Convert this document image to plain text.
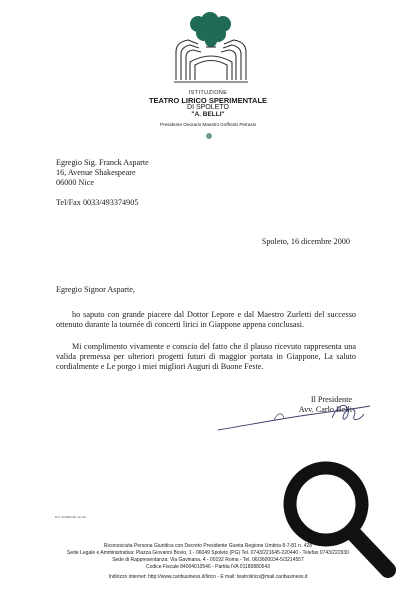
ISTITUZIONE
TEATRO LIRICO SPERIMENTALE
DI SPOLETO
"A. BELLI"
Presidente Onorario Maestro Goffredo Petrassi
Egregio Sig. Franck Asparte
16, Avenue Shakespeare
06000 Nice
Tel/Fax 0033/493374905
Spoleto, 16 dicembre 2000
Egregio Signor Asparte,

ho saputo con grande piacere dal Dottor Lepore e dal Maestro Zurletti del successo ottenuto durante la tournée di concerti lirici in Giappone appena conclusasi.

Mi complimento vivamente e conscio del fatto che il plauso ricevuto rappresenta una valida premessa per ulteriori progetti futuri di maggior portata in Giappone, La saluto cordialmente e Le porgo i miei migliori Auguri di Buone Feste.

Il Presidente
Avv. Carlo Belli
M.C. Nr.0003 def. tel. fax
Riconosciuta Persona Giuridica con Decreto Presidente Giunta Regione Umbria 8-7-81 n. 428
Sede Legale e Amministrativa: Piazza Giovanni Bovio, 1 - 06049 Spoleto (PG) Tel. 0743/221645-220440 - Telefax 0743/222930
Sede di Rappresentanza: Via Gavinana, 4 - 00192 Roma - Tel. 06/3600034-5/3214557
Codice Fiscale 84004010546 - Partita IVA 01189880543
Indirizzo internet: http://www.caribusiness.it/lirico - E mail: teatrolirico@mail.caribusiness.it
